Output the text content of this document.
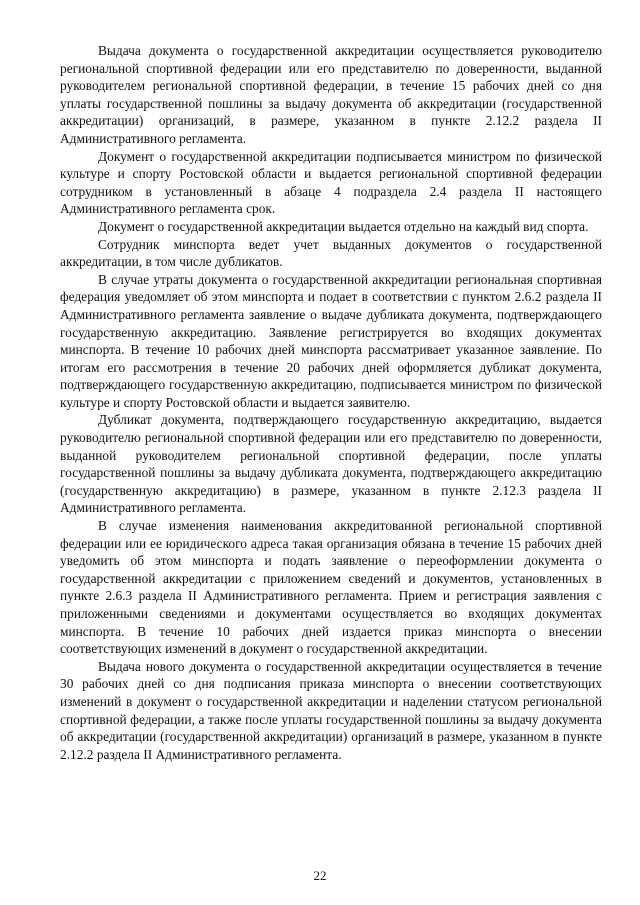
Выдача документа о государственной аккредитации осуществляется руководителю региональной спортивной федерации или его представителю по доверенности, выданной руководителем региональной спортивной федерации, в течение 15 рабочих дней со дня уплаты государственной пошлины за выдачу документа об аккредитации (государственной аккредитации) организаций, в размере, указанном в пункте 2.12.2 раздела II Административного регламента.

Документ о государственной аккредитации подписывается министром по физической культуре и спорту Ростовской области и выдается региональной спортивной федерации сотрудником в установленный в абзаце 4 подраздела 2.4 раздела II настоящего Административного регламента срок.

Документ о государственной аккредитации выдается отдельно на каждый вид спорта.

Сотрудник минспорта ведет учет выданных документов о государственной аккредитации, в том числе дубликатов.

В случае утраты документа о государственной аккредитации региональная спортивная федерация уведомляет об этом минспорта и подает в соответствии с пунктом 2.6.2 раздела II Административного регламента заявление о выдаче дубликата документа, подтверждающего государственную аккредитацию. Заявление регистрируется во входящих документах минспорта. В течение 10 рабочих дней минспорта рассматривает указанное заявление. По итогам его рассмотрения в течение 20 рабочих дней оформляется дубликат документа, подтверждающего государственную аккредитацию, подписывается министром по физической культуре и спорту Ростовской области и выдается заявителю.

Дубликат документа, подтверждающего государственную аккредитацию, выдается руководителю региональной спортивной федерации или его представителю по доверенности, выданной руководителем региональной спортивной федерации, после уплаты государственной пошлины за выдачу дубликата документа, подтверждающего аккредитацию (государственную аккредитацию) в размере, указанном в пункте 2.12.3 раздела II Административного регламента.

В случае изменения наименования аккредитованной региональной спортивной федерации или ее юридического адреса такая организация обязана в течение 15 рабочих дней уведомить об этом минспорта и подать заявление о переоформлении документа о государственной аккредитации с приложением сведений и документов, установленных в пункте 2.6.3 раздела II Административного регламента. Прием и регистрация заявления с приложенными сведениями и документами осуществляется во входящих документах минспорта. В течение 10 рабочих дней издается приказ минспорта о внесении соответствующих изменений в документ о государственной аккредитации.

Выдача нового документа о государственной аккредитации осуществляется в течение 30 рабочих дней со дня подписания приказа минспорта о внесении соответствующих изменений в документ о государственной аккредитации и наделении статусом региональной спортивной федерации, а также после уплаты государственной пошлины за выдачу документа об аккредитации (государственной аккредитации) организаций в размере, указанном в пункте 2.12.2 раздела II Административного регламента.

22
